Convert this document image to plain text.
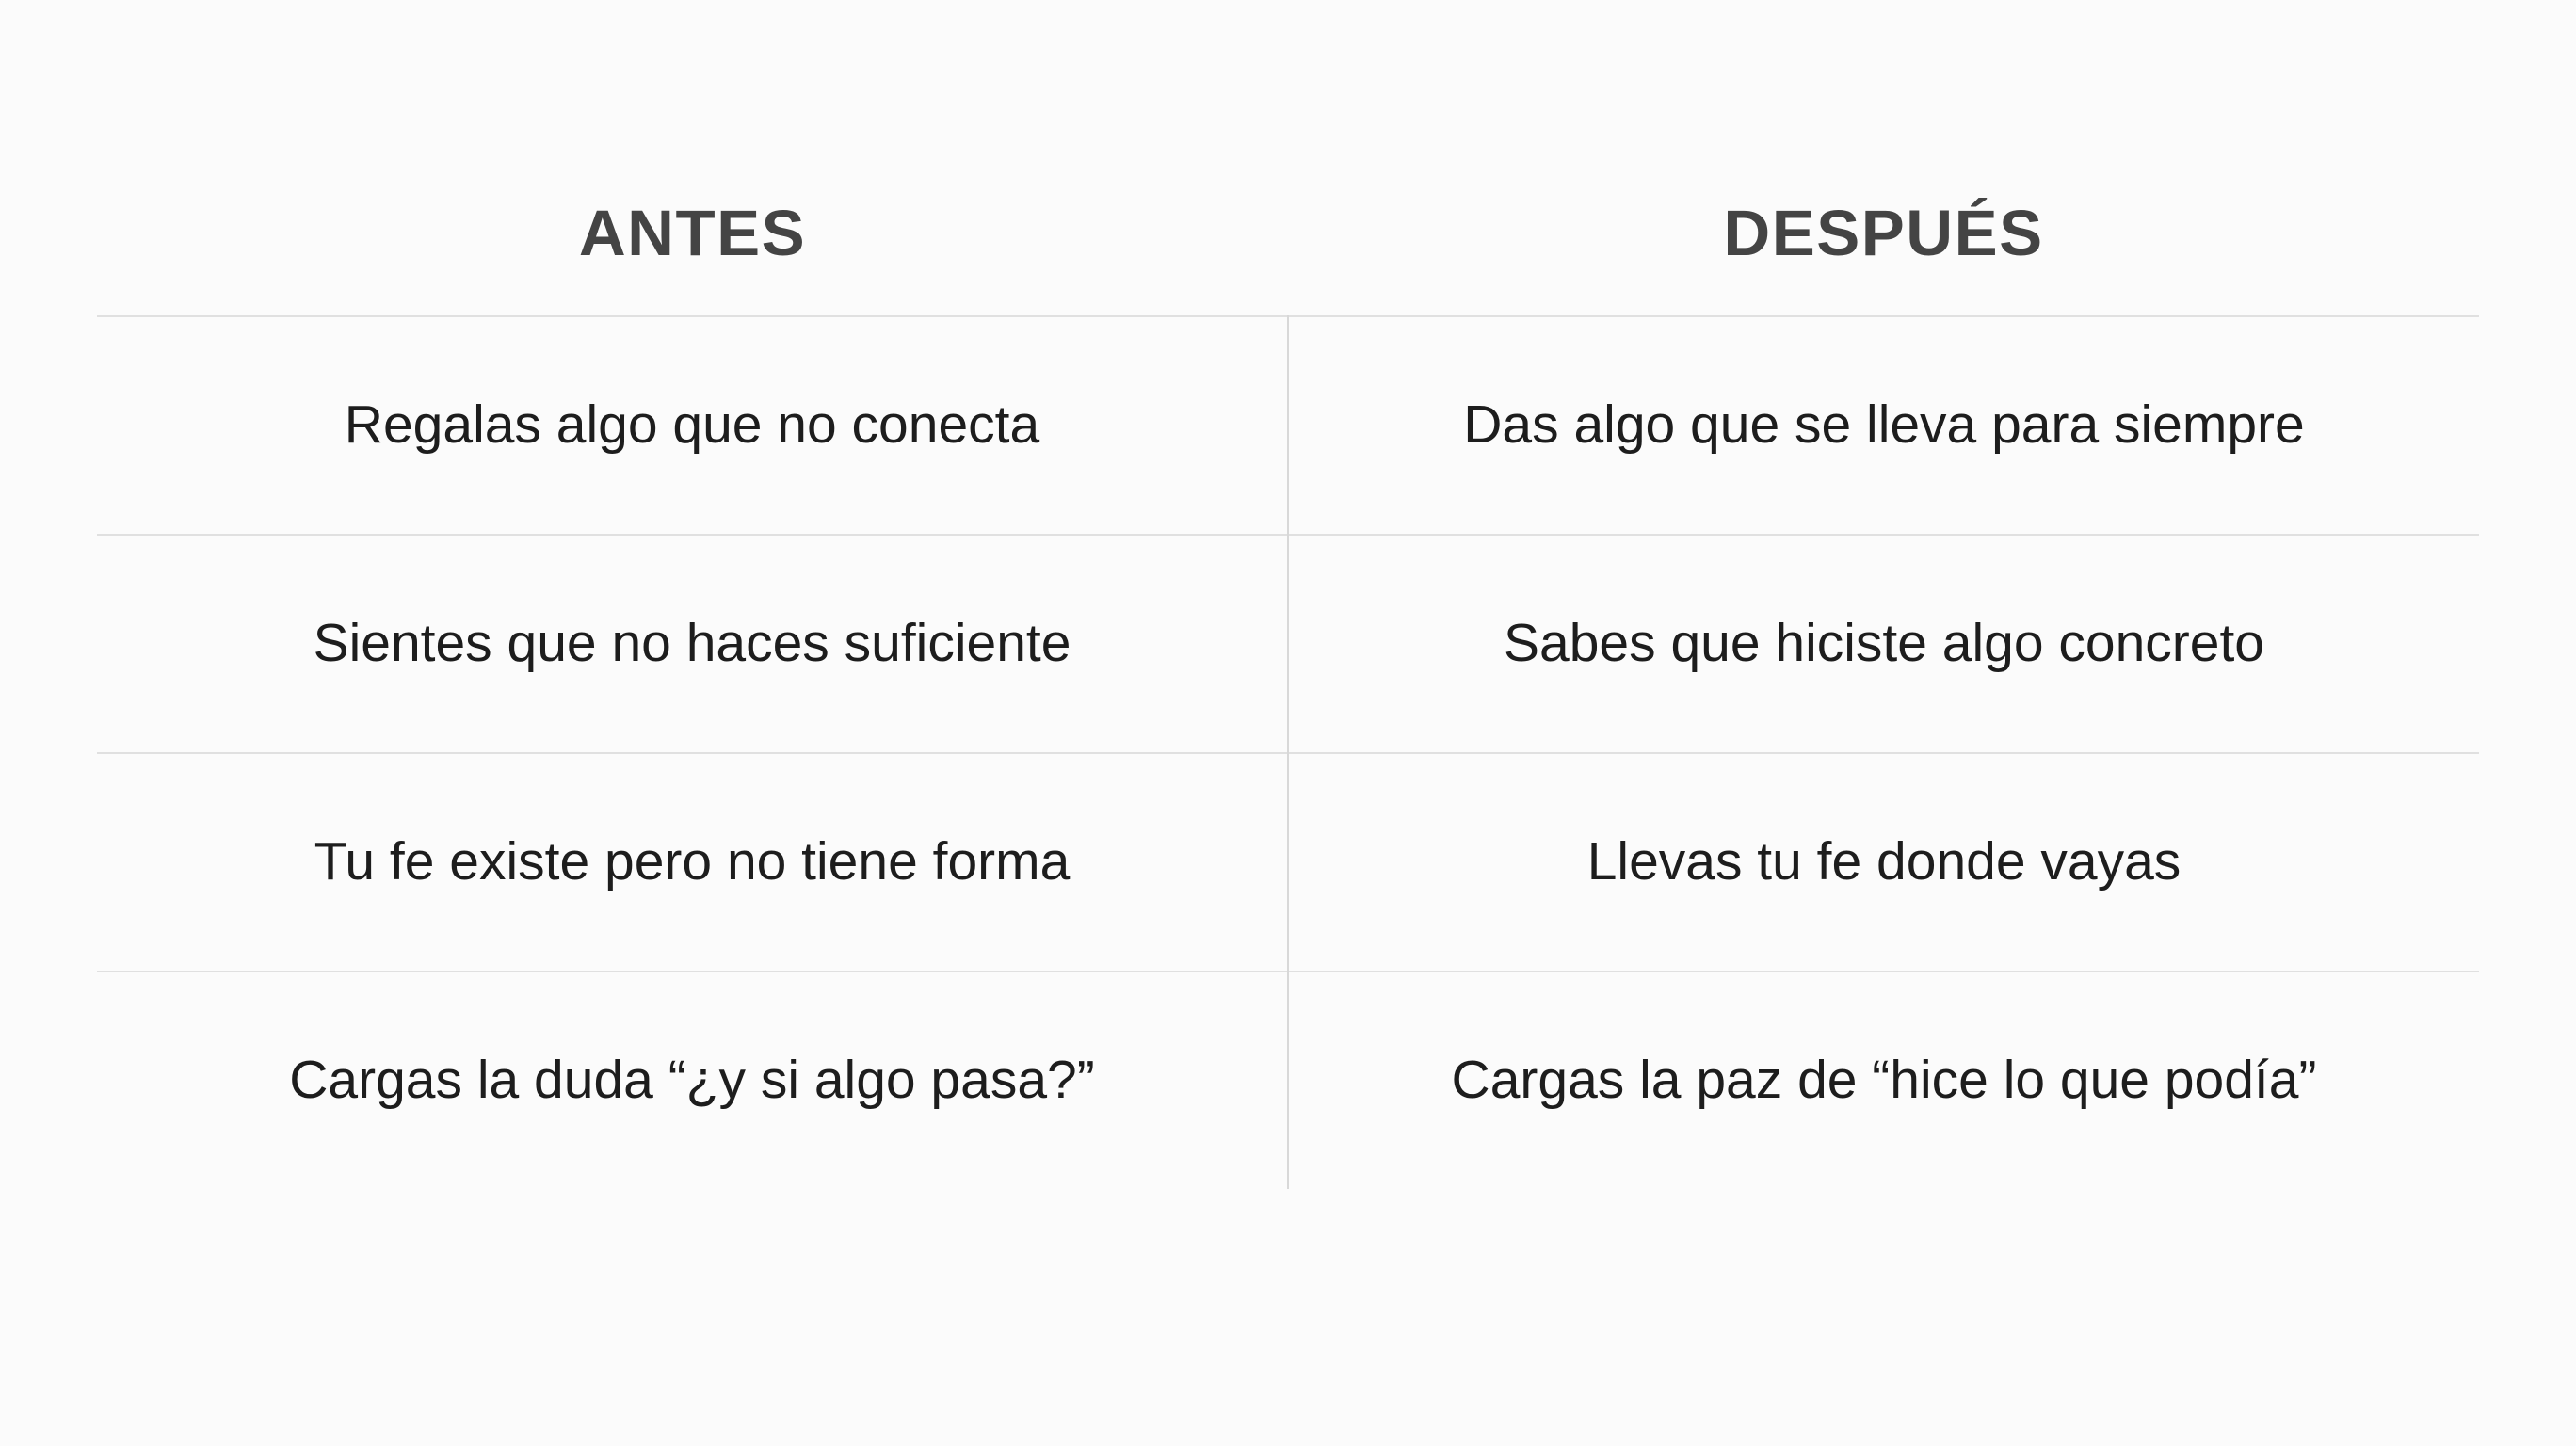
ANTES	DESPUÉS
Regalas algo que no conecta	Das algo que se lleva para siempre
Sientes que no haces suficiente	Sabes que hiciste algo concreto
Tu fe existe pero no tiene forma	Llevas tu fe donde vayas
Cargas la duda “¿y si algo pasa?”	Cargas la paz de “hice lo que podía”
